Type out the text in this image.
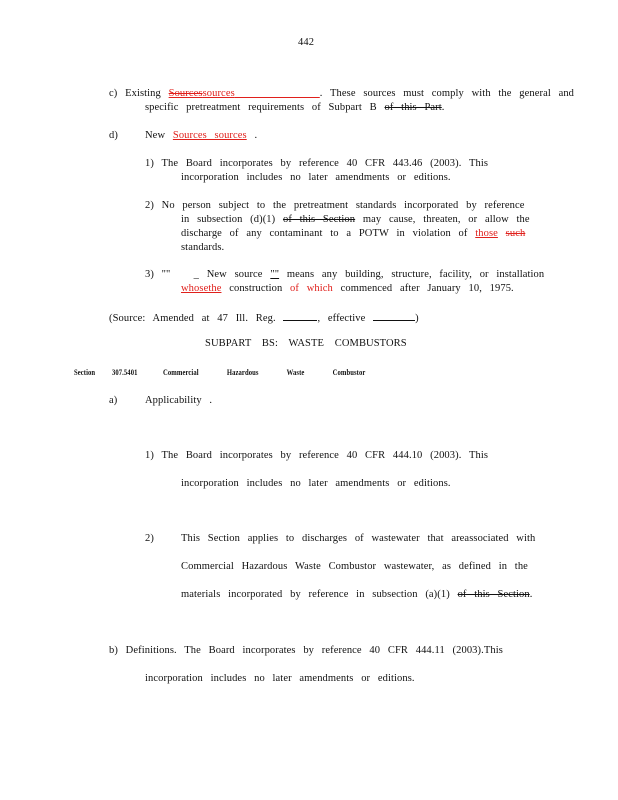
442
c) Existing Sourcessources	. These sources must comply with the general and
specific pretreatment requirements of Subpart B of this Part.
d)	New Sources sources .
1) The Board incorporates by reference 40 CFR 443.46 (2003). This
incorporation includes no later amendments or editions.
2) No person subject to the pretreatment standards incorporated by reference
in subsection (d)(1) of this Section may cause, threaten, or allow the
discharge of any contaminant to a POTW in violation of those such
standards.
3) "" _ New source "" means any building, structure, facility, or installation
whosethe construction of which commenced after January 10, 1975.
(Source: Amended at 47 Ill. Reg.	, effective	)
SUBPART BS: WASTE COMBUSTORS
Section 307.5401	Commercial Hazardous Waste Combustor
a)	Applicability .
1) The Board incorporates by reference 40 CFR 444.10 (2003). This
incorporation includes no later amendments or editions.
2)	This Section applies to discharges of wastewater that areassociated with
Commercial Hazardous Waste Combustor wastewater, as defined in the
materials incorporated by reference in subsection (a)(1) of this Section.
b) Definitions. The Board incorporates by reference 40 CFR 444.11 (2003).This
incorporation includes no later amendments or editions.
